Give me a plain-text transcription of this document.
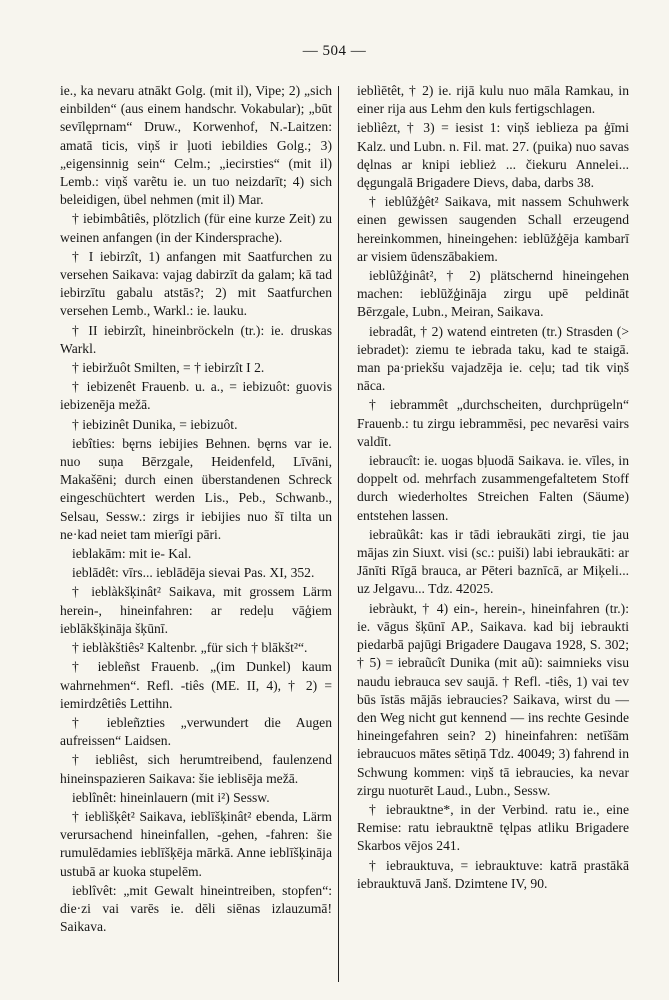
— 504 —

ie., ka nevaru atnākt Golg. (mit il), Vipe; 2) „sich einbilden“ (aus einem handschr. Vokabular); „būt sevīlęprnam“ Druw., Korwenhof, N.-Laitzen: amatā ticis, viņš ir ļuoti iebildies Golg.; 3) „eigensinnig sein“ Celm.; „iecirsties“ (mit il) Lemb.: viņš varẽtu ie. un tuo neizdarīt; 4) sich beleidigen, übel nehmen (mit il) Mar.

† iebimbâtiês, plötzlich (für eine kurze Zeit) zu weinen anfangen (in der Kindersprache).

† I iebirzît, 1) anfangen mit Saatfurchen zu versehen Saikava: vajag dabirzīt da galam; kā tad iebirzītu gabalu atstās?; 2) mit Saatfurchen versehen Lemb., Warkl.: ie. lauku.

† II iebirzît, hineinbröckeln (tr.): ie. druskas Warkl.

† iebiržuôt Smilten, = † iebirzît I 2.

† iebizenêt Frauenb. u. a., = iebizuôt: guovis iebizenēja mežā.

† iebizinêt Dunika, = iebizuôt.

iebîties: bęrns iebijies Behnen. bęrns var ie. nuo suņa Bērzgale, Heidenfeld, Līvāni, Makašēni; durch einen überstandenen Schreck eingeschüchtert werden Lis., Peb., Schwanb., Selsau, Sessw.: zirgs ir iebijies nuo šī tilta un ne·kad neiet tam mierīgi pāri.

ieblakām: mit ie- Kal.

ieblādêt: vīrs... ieblādēja sievai Pas. XI, 352.

† ieblàkšķinât² Saikava, mit grossem Lärm herein-, hineinfahren: ar redeļu vāģiem ieblākšķināja šķūnī.

† ieblàkštiês² Kaltenbr. „für sich † blākšt²“.

† iebleñst Frauenb. „(im Dunkel) kaum wahrnehmen“. Refl. -tiês (ME. II, 4), † 2) = iemirdzêtiês Lettihn.

† iebleñzties „verwundert die Augen aufreissen“ Laidsen.

† iebliêst, sich herumtreibend, faulenzend hineinspazieren Saikava: šie ieblisēja mežā.

ieblînêt: hineinlauern (mit i²) Sessw.

† ieblìšķêt² Saikava, ieblīšķinât² ebenda, Lärm verursachend hineinfallen, -gehen, -fahren: šie rumulēdamies ieblīšķēja mārkā. Anne ieblīšķināja ustubā ar kuoka stupelēm.

ieblîvêt: „mit Gewalt hineintreiben, stopfen“: die·zi vai varēs ie. dēli siēnas izlauzumā! Saikava.

ieblìētêt, † 2) ie. rijā kulu nuo māla Ramkau, in einer rija aus Lehm den kuls fertigschlagen.

ieblìêzt, † 3) = iesist 1: viņš ieblieza pa ģīmi Kalz. und Lubn. n. Fil. mat. 27. (puika) nuo savas dęlnas ar knipi ieblież ... čiekuru Annelei... dęgungalā Brigadere Dievs, daba, darbs 38.

† ieblûžģêt² Saikava, mit nassem Schuhwerk einen gewissen saugenden Schall erzeugend hereinkommen, hineingehen: ieblūžģēja kambarī ar visiem ūdenszābakiem.

ieblûžģinât², † 2) plätschernd hineingehen machen: ieblūžģināja zirgu upē peldināt Bērzgale, Lubn., Meiran, Saikava.

iebradât, † 2) watend eintreten (tr.) Strasden (> iebradet): ziemu te iebrada taku, kad te staigā. man pa·priekšu vajadzēja ie. ceļu; tad tik viņš nāca.

† iebrammêt „durchscheiten, durchprügeln“ Frauenb.: tu zirgu iebrammēsi, pec nevarēsi vairs valdīt.

iebraucît: ie. uogas bļuodā Saikava. ie. vīles, in doppelt od. mehrfach zusammengefaltetem Stoff durch wiederholtes Streichen Falten (Säume) entstehen lassen.

iebraũkât: kas ir tādi iebraukāti zirgi, tie jau mājas zin Siuxt. visi (sc.: puiši) labi iebraukāti: ar Jānīti Rīgā brauca, ar Pēteri baznīcā, ar Miķeli... uz Jelgavu... Tdz. 42025.

iebràukt, † 4) ein-, herein-, hineinfahren (tr.): ie. vāgus šķūnī AP., Saikava. kad bij iebraukti piedarbā pajūgi Brigadere Daugava 1928, S. 302; † 5) = iebraũcît Dunika (mit aũ): saimnieks visu naudu iebrauca sev saujā. † Refl. -tiês, 1) vai tev būs īstās mājās iebraucies? Saikava, wirst du — den Weg nicht gut kennend — ins rechte Gesinde hineingefahren sein? 2) hineinfahren: netīšām iebraucuos mātes sētiņā Tdz. 40049; 3) fahrend in Schwung kommen: viņš tā iebraucies, ka nevar zirgu nuoturēt Laud., Lubn., Sessw.

† iebrauktne*, in der Verbind. ratu ie., eine Remise: ratu iebrauktnē tęlpas atliku Brigadere Skarbos vējos 241.

† iebrauktuva, = iebrauktuve: katrā prastākā iebrauktuvā Janš. Dzimtene IV, 90.
